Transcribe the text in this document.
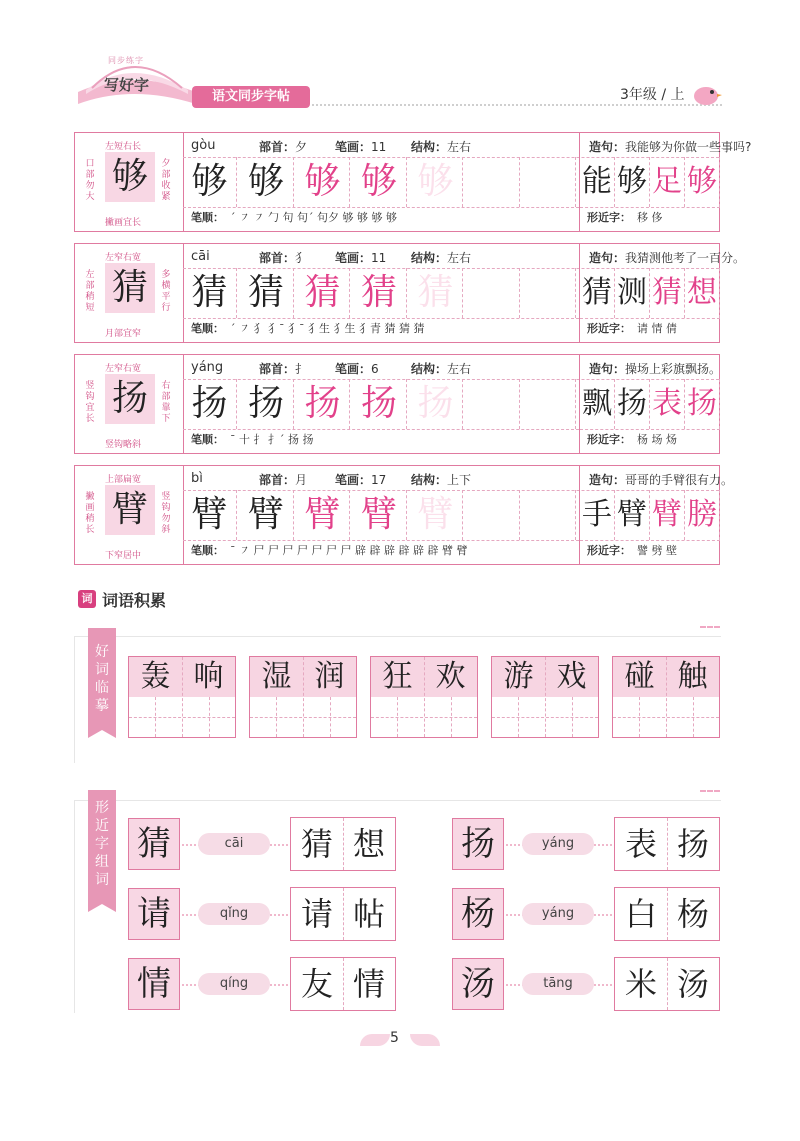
同步练字
写好字
语文同步字帖	3年级 / 上
左短右长
撇画宜长
口部勿大
夕部收紧
够
gòu	部首：夕 笔画：11 结构：左右	造句：我能够为你做一些事吗?
够 够 够 够 够	能 够 足 够
笔顺： ˊ ㇇ ㇇ 勹 句 句ˊ 句夕 够 够 够 够	形近字： 移 侈
左窄右宽
月部宜窄
左部稍短
多横平行
猜
cāi	部首：犭 笔画：11 结构：左右	造句：我猜测他考了一百分。
猜 猜 猜 猜 猜	猜 测 猜 想
笔顺： ˊ ㇇ 犭 犭ˉ 犭ˉ 犭生 犭生 犭青 猜 猜 猜	形近字： 请 情 倩
左窄右宽
竖钩略斜
竖钩宜长
右部靠下
扬
yáng	部首：扌 笔画：6	结构：左右	造句：操场上彩旗飘扬。
扬 扬 扬 扬 扬	飘 扬 表 扬
笔顺： ˉ 十 扌 扌ˊ 扬 扬	形近字： 杨 场 炀
上部扁宽
下窄居中
撇画稍长
竖钩勿斜
臂
bì	部首：月 笔画：17 结构：上下	造句：哥哥的手臂很有力。
臂 臂 臂 臂 臂	手 臂 臂 膀
笔顺： ˉ ㇇ 尸 尸 尸 尸 尸 尸 尸 辟 辟 辟 辟 辟 辟 臂 臂	形近字： 譬 劈 壁
词 词语积累
好
词
临
摹
轰 响	湿 润	狂 欢	游 戏	碰 触
形
近
字
组
词
猜	cāi	猜 想 扬	yáng	表 扬
请	qǐng	请 帖 杨	yáng	白 杨
情	qíng	友 情 汤	tāng	米 汤
5
